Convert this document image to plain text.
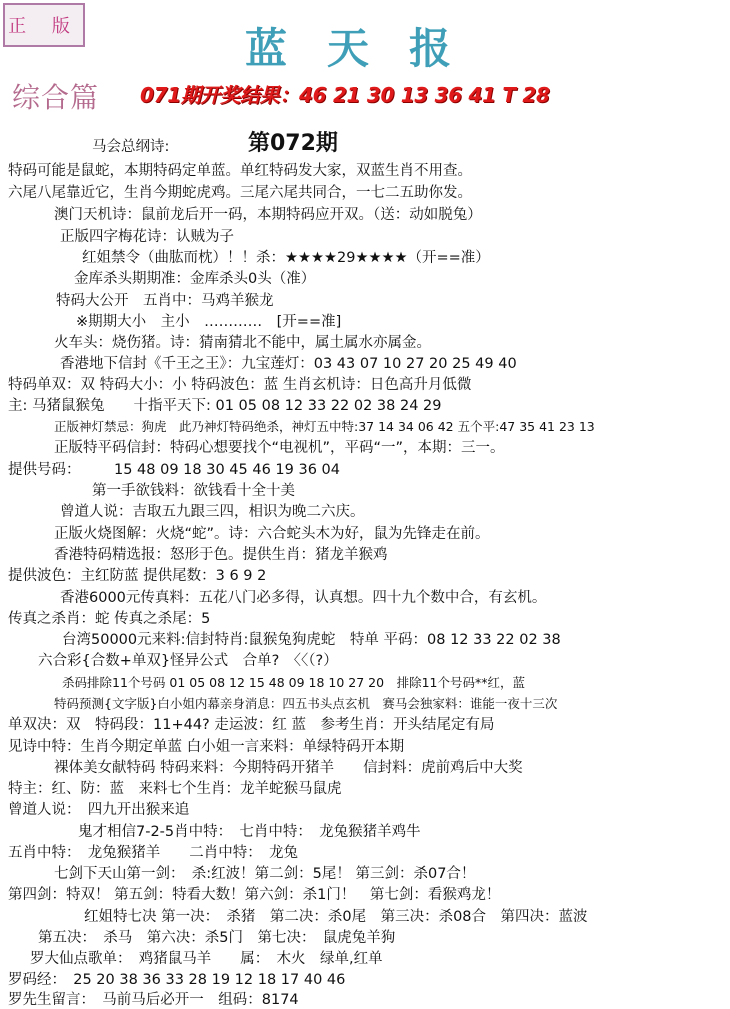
正 版	蓝天报
综合篇 071期开奖结果：46 21 30 13 36 41 T 28
第072期
马会总纲诗:
特码可能是鼠蛇，本期特码定单蓝。单红特码发大家，双蓝生肖不用查。
六尾八尾靠近它，生肖今期蛇虎鸡。三尾六尾共同合，一七二五助你发。
澳门天机诗：鼠前龙后开一码，本期特码应开双。（送：动如脱兔）
正版四字梅花诗：认贼为子
红姐禁令（曲肱而枕）！！杀：★★★★29★★★★（开==准）
金库杀头期期准：金库杀头0头（准）
特码大公开　五肖中：马鸡羊猴龙
※期期大小　主小　…………　[开==准]
火车头：烧伤猪。诗：猜南猜北不能中，属土属水亦属金。
香港地下信封《千王之王》：九宝莲灯：03 43 07 10 27 20 25 49 40
特码单双：双 特码大小：小 特码波色：蓝 生肖玄机诗：日色高升月低微
主: 马猪鼠猴兔　　十指平天下: 01 05 08 12 33 22 02 38 24 29
正版神灯禁忌：狗虎　此乃神灯特码绝杀，神灯五中特:37 14 34 06 42 五个平:47 35 41 23 13
正版特平码信封：特码心想要找个“电视机”，平码“一”，本期：三一。
提供号码： 15 48 09 18 30 45 46 19 36 04
第一手欲钱料：欲钱看十全十美
曾道人说：吉取五九跟三四，相识为晚二六庆。
正版火烧图解：火烧“蛇”。诗：六合蛇头木为好，鼠为先锋走在前。
香港特码精选报：怒形于色。提供生肖：猪龙羊猴鸡
提供波色：主红防蓝 提供尾数：3 6 9 2
香港6000元传真料：五花八门必多得，认真想。四十九个数中合，有玄机。
传真之杀肖：蛇 传真之杀尾：5
台湾50000元来料:信封特肖:鼠猴兔狗虎蛇　特单 平码：08 12 33 22 02 38
六合彩{合数+单双}怪异公式　合单?　〈〈（?）
杀码排除11个号码 01 05 08 12 15 48 09 18 10 27 20　排除11个号码**红，蓝
特码预测{文字版}白小姐内幕亲身消息：四五书头点玄机　赛马会独家料：谁能一夜十三次
单双决：双　特码段：11+44? 走运波：红 蓝　参考生肖：开头结尾定有局
见诗中特：生肖今期定单蓝 白小姐一言来料：单绿特码开本期
裸体美女献特码 特码来料：今期特码开猪羊　　信封料：虎前鸡后中大奖
特主：红、防：蓝　来料七个生肖：龙羊蛇猴马鼠虎
曾道人说：　四九开出猴来追
鬼才相信7-2-5肖中特：　七肖中特：　龙兔猴猪羊鸡牛
五肖中特：　龙兔猴猪羊　　二肖中特：　龙兔
七剑下天山第一剑：　杀:红波！第二剑：5尾！ 第三剑：杀07合！
第四剑：特双！ 第五剑：特看大数！第六剑：杀1门！　第七剑：看猴鸡龙！
红姐特七决 第一决：　杀猪　第二决：杀0尾　第三决：杀08合　第四决：蓝波
第五决：　杀马　第六决：杀5门　第七决：　鼠虎兔羊狗
罗大仙点歌单：　鸡猪鼠马羊　　属：　木火　绿单,红单
罗码经：　25 20 38 36 33 28 19 12 18 17 40 46
罗先生留言：　马前马后必开一　组码：8174
